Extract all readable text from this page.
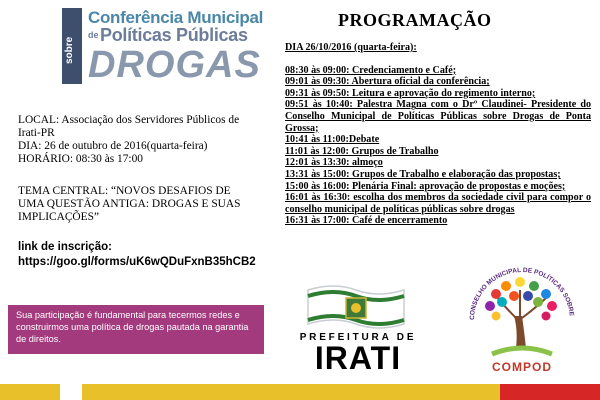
sobre
Conferência Municipal
de Políticas Públicas
DROGAS
LOCAL: Associação dos Servidores Públicos de
Irati-PR
DIA: 26 de outubro de 2016(quarta-feira)
HORÁRIO: 08:30 às 17:00
TEMA CENTRAL: “NOVOS DESAFIOS DE
UMA QUESTÃO ANTIGA: DROGAS E SUAS
IMPLICAÇÕES”
link de inscrição:
https://goo.gl/forms/uK6wQDuFxnB35hCB2
Sua participação é fundamental para tecermos redes e construirmos uma política de drogas pautada na garantia de direitos.
PROGRAMAÇÃO
DIA 26/10/2016 (quarta-feira):
08:30 às 09:00: Credenciamento e Café;
09:01 às 09:30: Abertura oficial da conferência;
09:31 às 09:50: Leitura e aprovação do regimento interno;
09:51 às 10:40: Palestra Magna com o Drº Claudinei- Presidente do Conselho Municipal de Políticas Públicas sobre Drogas de Ponta Grossa;
10:41 às 11:00:Debate
11:01 às 12:00: Grupos de Trabalho
12:01 às 13:30: almoço
13:31 às 15:00: Grupos de Trabalho e elaboração das propostas;
15:00 às 16:00: Plenária Final: aprovação de propostas e moções;
16:01 às 16:30: escolha dos membros da sociedade civil para compor o conselho municipal de políticas públicas sobre drogas
16:31 às 17:00: Café de encerramento
PREFEITURA DE
IRATI
CONSELHO MUNICIPAL DE POLÍTICAS SOBRE
COMPOD
